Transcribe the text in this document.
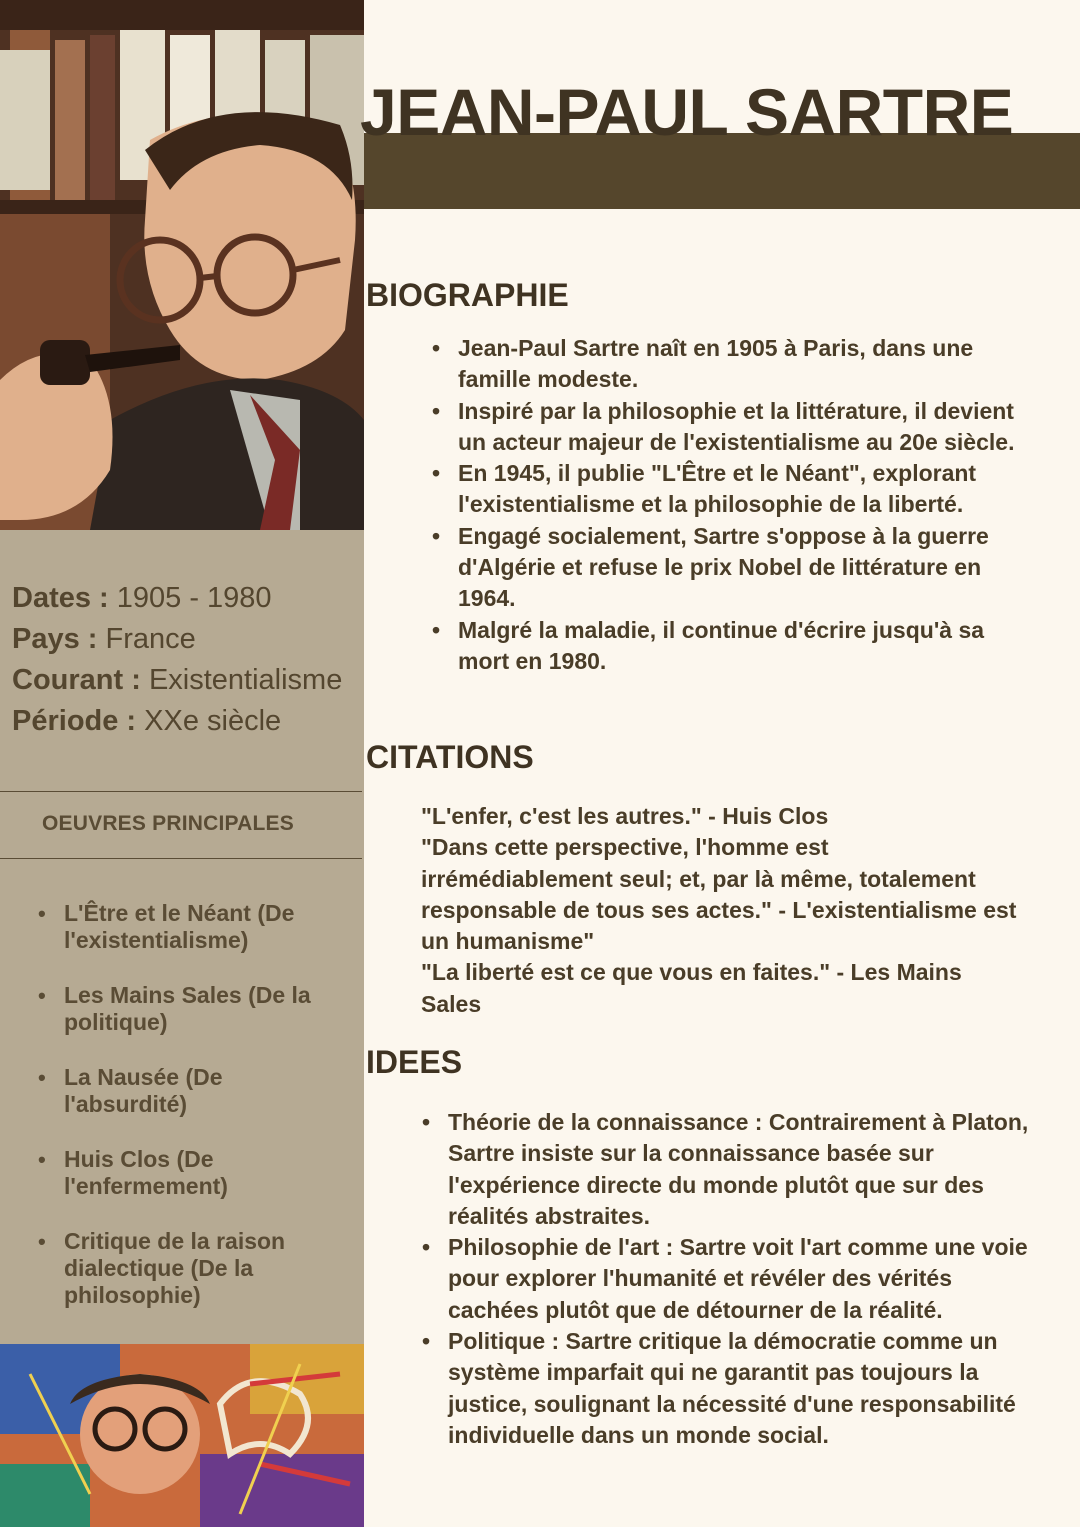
Dates : 1905 - 1980
Pays : France
Courant : Existentialisme
Période : XXe siècle
OEUVRES PRINCIPALES
• L'Être et le Néant (De l'existentialisme)
• Les Mains Sales (De la politique)
• La Nausée (De l'absurdité)
• Huis Clos (De l'enfermement)
• Critique de la raison dialectique (De la philosophie)
JEAN-PAUL SARTRE
BIOGRAPHIE
• Jean-Paul Sartre naît en 1905 à Paris, dans une famille modeste.
• Inspiré par la philosophie et la littérature, il devient un acteur majeur de l'existentialisme au 20e siècle.
• En 1945, il publie "L'Être et le Néant", explorant l'existentialisme et la philosophie de la liberté.
• Engagé socialement, Sartre s'oppose à la guerre d'Algérie et refuse le prix Nobel de littérature en 1964.
• Malgré la maladie, il continue d'écrire jusqu'à sa mort en 1980.
CITATIONS
"L'enfer, c'est les autres." - Huis Clos
"Dans cette perspective, l'homme est irrémédiablement seul; et, par là même, totalement responsable de tous ses actes." - L'existentialisme est un humanisme"
"La liberté est ce que vous en faites." - Les Mains Sales
IDEES
• Théorie de la connaissance : Contrairement à Platon, Sartre insiste sur la connaissance basée sur l'expérience directe du monde plutôt que sur des réalités abstraites.
• Philosophie de l'art : Sartre voit l'art comme une voie pour explorer l'humanité et révéler des vérités cachées plutôt que de détourner de la réalité.
• Politique : Sartre critique la démocratie comme un système imparfait qui ne garantit pas toujours la justice, soulignant la nécessité d'une responsabilité individuelle dans un monde social.
